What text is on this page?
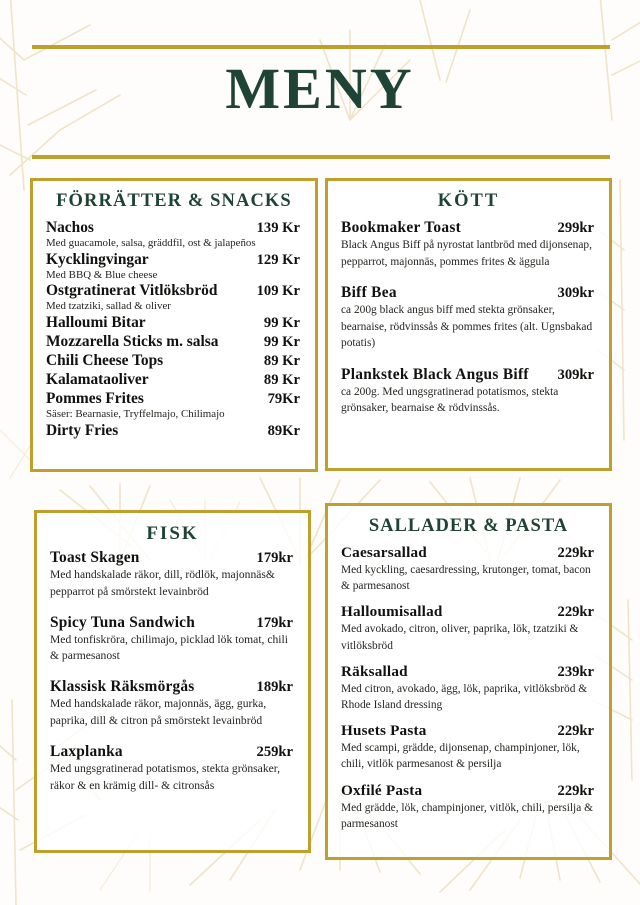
MENY
FÖRRÄTTER & SNACKS
Nachos	139 Kr
Med guacamole, salsa, gräddfil, ost & jalapeños
Kycklingvingar	129 Kr
Med BBQ & Blue cheese
Ostgratinerat Vitlöksbröd	109 Kr
Med tzatziki, sallad & oliver
Halloumi Bitar	99 Kr
Mozzarella Sticks m. salsa	99 Kr
Chili Cheese Tops	89 Kr
Kalamataoliver	89 Kr
Pommes Frites	79Kr
Säser: Bearnasie, Tryffelmajo, Chilimajo
Dirty Fries	89Kr
KÖTT
Bookmaker Toast	299kr
Black Angus Biff på nyrostat lantbröd med dijonsenap, pepparrot, majonnäs, pommes frites & äggula
Biff Bea	309kr
ca 200g black angus biff med stekta grönsaker, bearnaise, rödvinssås & pommes frites (alt. Ugnsbakad potatis)
Plankstek Black Angus Biff 309kr
ca 200g. Med ungsgratinerad potatismos, stekta grönsaker, bearnaise & rödvinssås.
FISK
Toast Skagen	179kr
Med handskalade räkor, dill, rödlök, majonnäs& pepparrot på smörstekt levainbröd
Spicy Tuna Sandwich	179kr
Med tonfiskröra, chilimajo, picklad lök tomat, chili & parmesanost
Klassisk Räksmörgås	189kr
Med handskalade räkor, majonnäs, ägg, gurka, paprika, dill & citron på smörstekt levainbröd
Laxplanka	259kr
Med ungsgratinerad potatismos, stekta grönsaker, räkor & en krämig dill- & citronsås
SALLADER & PASTA
Caesarsallad	229kr
Med kyckling, caesardressing, krutonger, tomat, bacon & parmesanost
Halloumisallad	229kr
Med avokado, citron, oliver, paprika, lök, tzatziki & vitlöksbröd
Räksallad	239kr
Med citron, avokado, ägg, lök, paprika, vitlöksbröd & Rhode Island dressing
Husets Pasta	229kr
Med scampi, grädde, dijonsenap, champinjoner, lök, chili, vitlök parmesanost & persilja
Oxfilé Pasta	229kr
Med grädde, lök, champinjoner, vitlök, chili, persilja & parmesanost
